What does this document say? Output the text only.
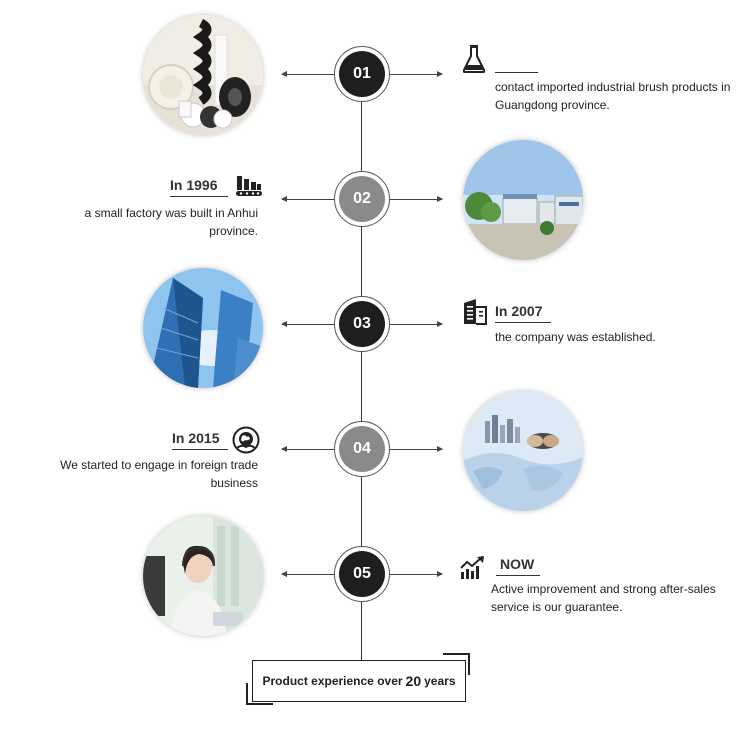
01
contact imported industrial brush products in Guangdong province.
In 1996
a small factory was built in Anhui province.
02
03
In 2007
the company was established.
In 2015
We started to engage in foreign trade business
04
05
NOW
Active improvement and strong after-sales service is our guarantee.
Product experience over 20 years
